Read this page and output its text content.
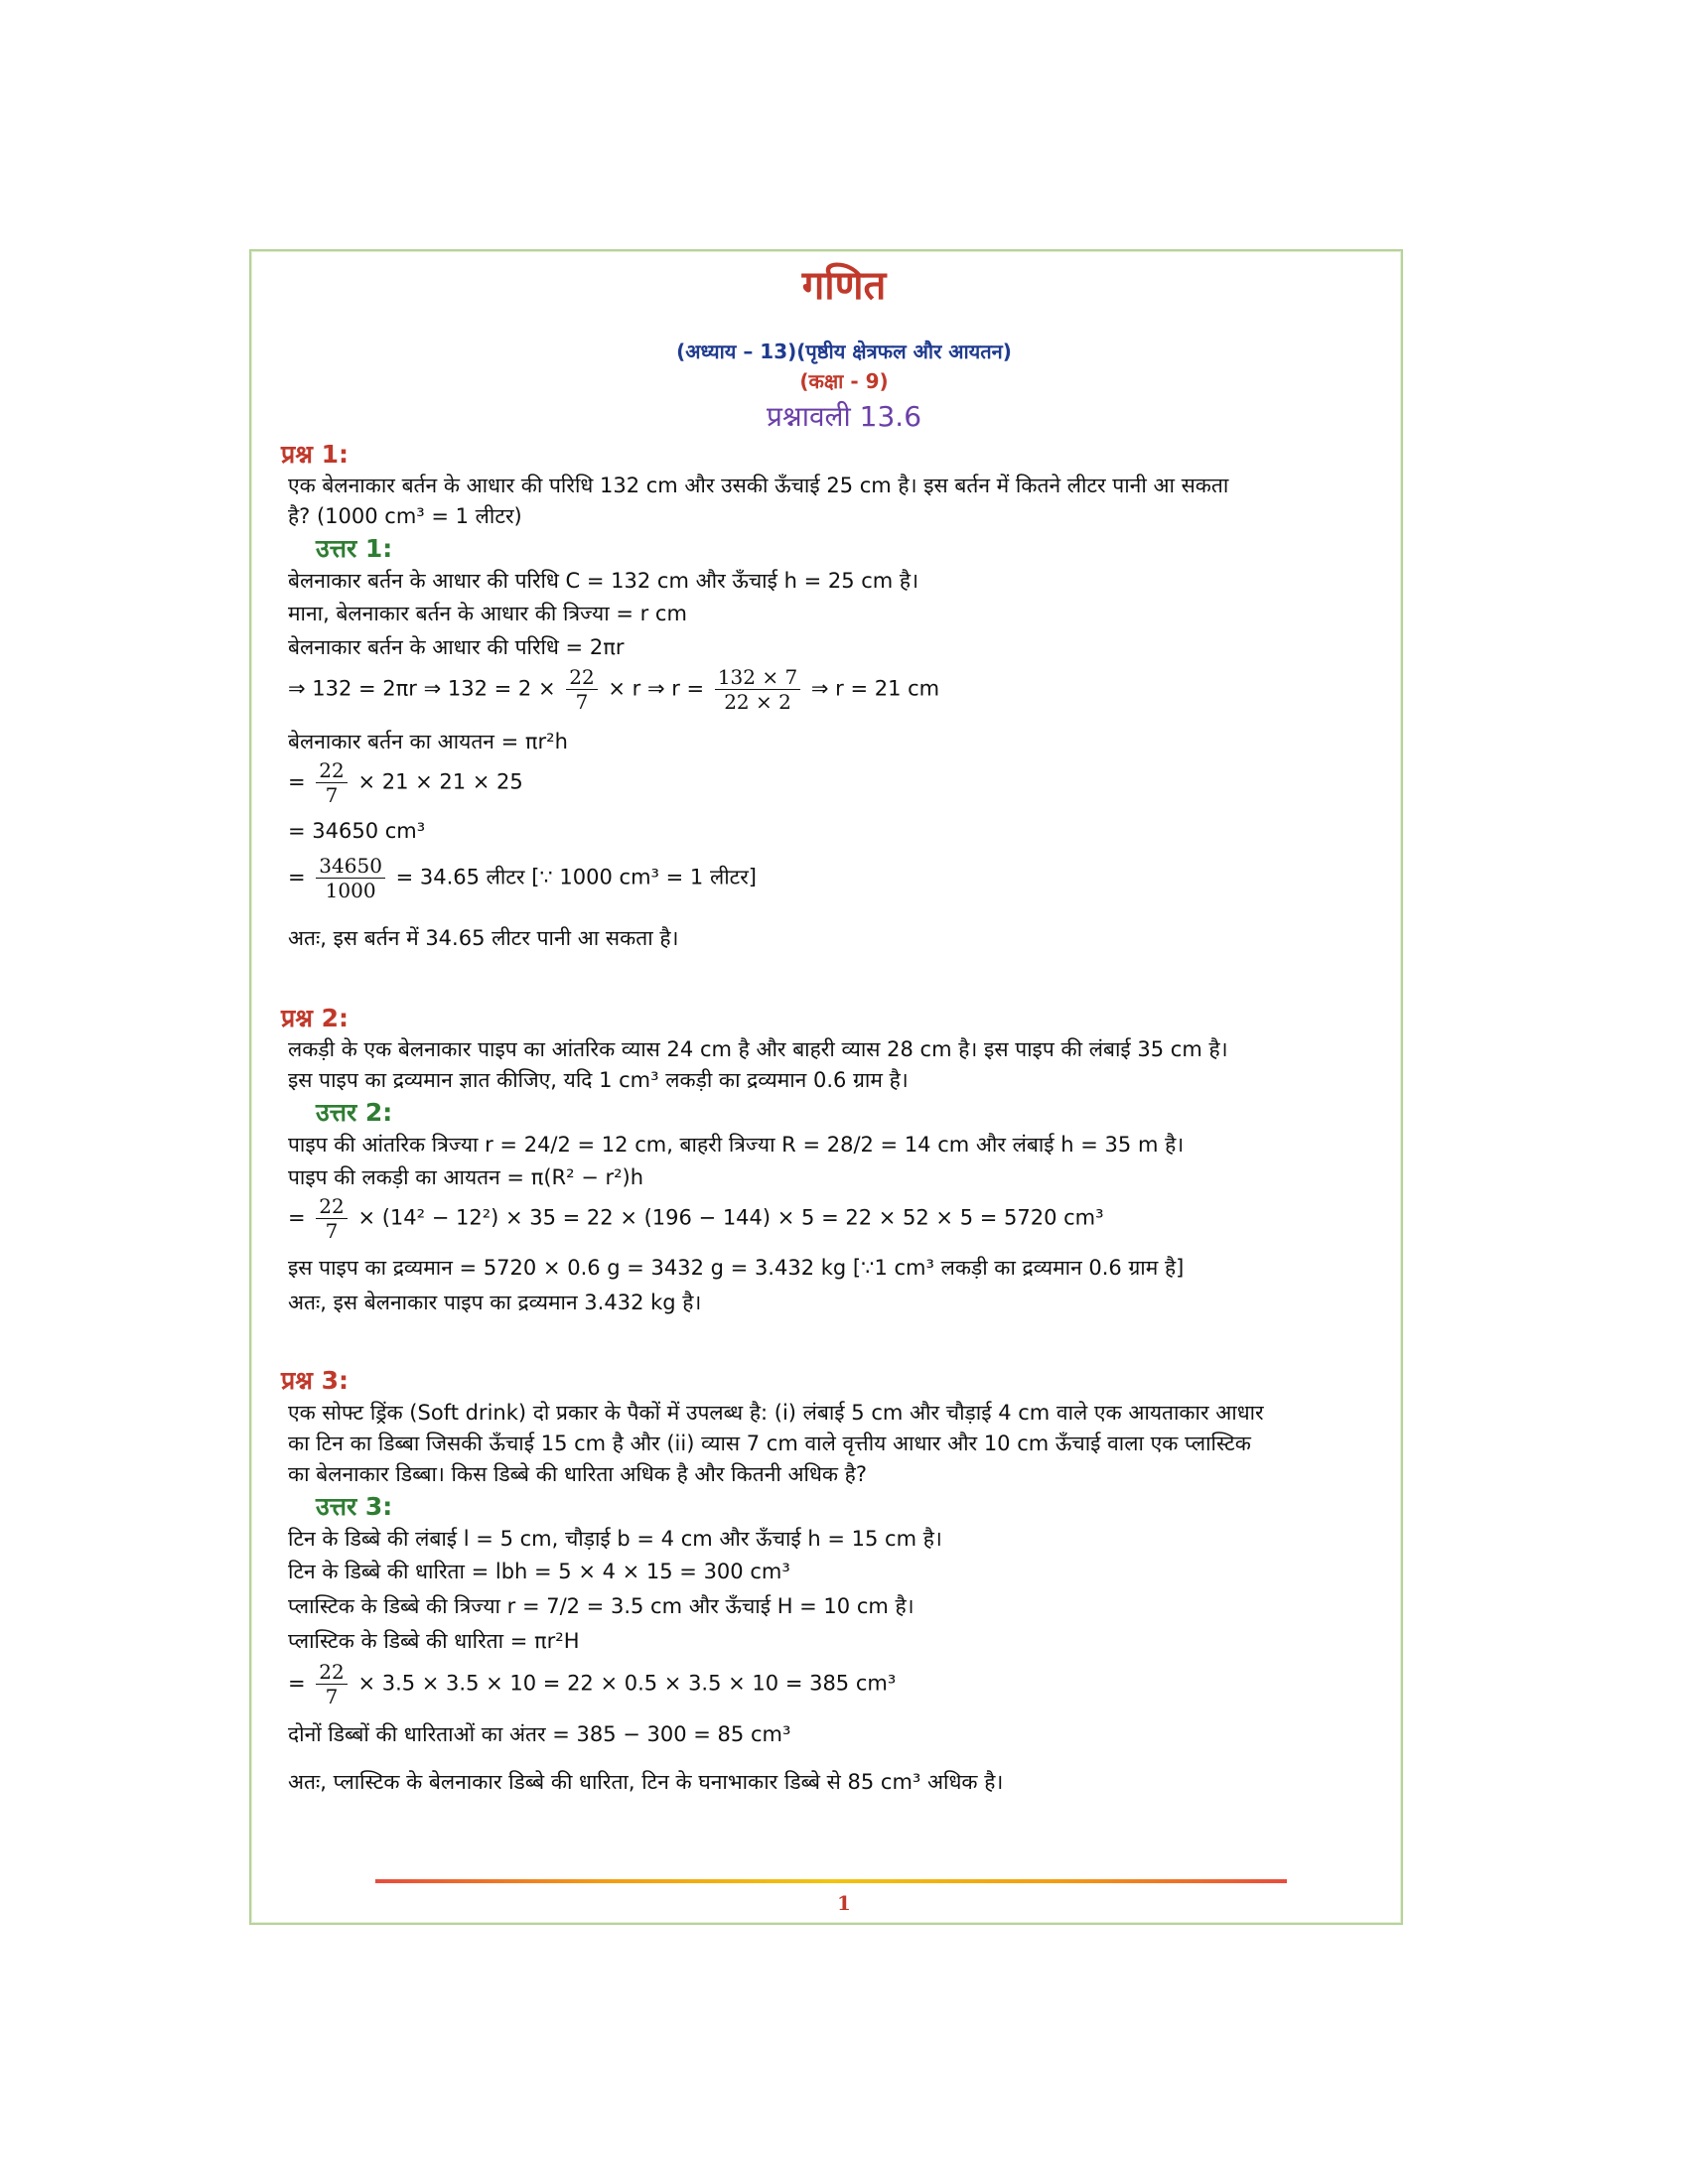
गणित
(अध्याय – 13)(पृष्ठीय क्षेत्रफल और आयतन)
(कक्षा - 9)
प्रश्नावली 13.6
प्रश्न 1:
एक बेलनाकार बर्तन के आधार की परिधि 132 cm और उसकी ऊँचाई 25 cm है। इस बर्तन में कितने लीटर पानी आ सकता
है? (1000 cm³ = 1 लीटर)
उत्तर 1:
बेलनाकार बर्तन के आधार की परिधि C = 132 cm और ऊँचाई h = 25 cm है।
माना, बेलनाकार बर्तन के आधार की त्रिज्या = r cm
बेलनाकार बर्तन के आधार की परिधि = 2πr
⇒ 132 = 2πr ⇒ $132 = 2 \times \frac{22}{7} \times r$ ⇒ $r = \frac{132 \times 7}{22 \times 2}$ ⇒ r = 21 cm
बेलनाकार बर्तन का आयतन = πr²h
= $\frac{22}{7} \times 21 \times 21 \times 25$
= 34650 cm³
= $\frac{34650}{1000} = 34.65$ लीटर [∵ 1000 cm³ = 1 लीटर]
अतः, इस बर्तन में 34.65 लीटर पानी आ सकता है।
प्रश्न 2:
लकड़ी के एक बेलनाकार पाइप का आंतरिक व्यास 24 cm है और बाहरी व्यास 28 cm है। इस पाइप की लंबाई 35 cm है।
इस पाइप का द्रव्यमान ज्ञात कीजिए, यदि 1 cm³ लकड़ी का द्रव्यमान 0.6 ग्राम है।
उत्तर 2:
पाइप की आंतरिक त्रिज्या r = 24/2 = 12 cm, बाहरी त्रिज्या R = 28/2 = 14 cm और लंबाई h = 35 m है।
पाइप की लकड़ी का आयतन = π(R² − r²)h
= $\frac{22}{7} \times (14^2 - 12^2) \times 35 = 22 \times (196 - 144) \times 5 = 22 \times 52 \times 5 = 5720$ cm³
इस पाइप का द्रव्यमान = 5720 × 0.6 g = 3432 g = 3.432 kg [∵1 cm³ लकड़ी का द्रव्यमान 0.6 ग्राम है]
अतः, इस बेलनाकार पाइप का द्रव्यमान 3.432 kg है।
प्रश्न 3:
एक सोफ्ट ड्रिंक (Soft drink) दो प्रकार के पैकों में उपलब्ध है: (i) लंबाई 5 cm और चौड़ाई 4 cm वाले एक आयताकार आधार
का टिन का डिब्बा जिसकी ऊँचाई 15 cm है और (ii) व्यास 7 cm वाले वृत्तीय आधार और 10 cm ऊँचाई वाला एक प्लास्टिक
का बेलनाकार डिब्बा। किस डिब्बे की धारिता अधिक है और कितनी अधिक है?
उत्तर 3:
टिन के डिब्बे की लंबाई l = 5 cm, चौड़ाई b = 4 cm और ऊँचाई h = 15 cm है।
टिन के डिब्बे की धारिता = lbh = 5 × 4 × 15 = 300 cm³
प्लास्टिक के डिब्बे की त्रिज्या r = 7/2 = 3.5 cm और ऊँचाई H = 10 cm है।
प्लास्टिक के डिब्बे की धारिता = πr²H
= $\frac{22}{7} \times 3.5 \times 3.5 \times 10 = 22 \times 0.5 \times 3.5 \times 10 = 385$ cm³
दोनों डिब्बों की धारिताओं का अंतर = 385 − 300 = 85 cm³
अतः, प्लास्टिक के बेलनाकार डिब्बे की धारिता, टिन के घनाभाकार डिब्बे से 85 cm³ अधिक है।
1
